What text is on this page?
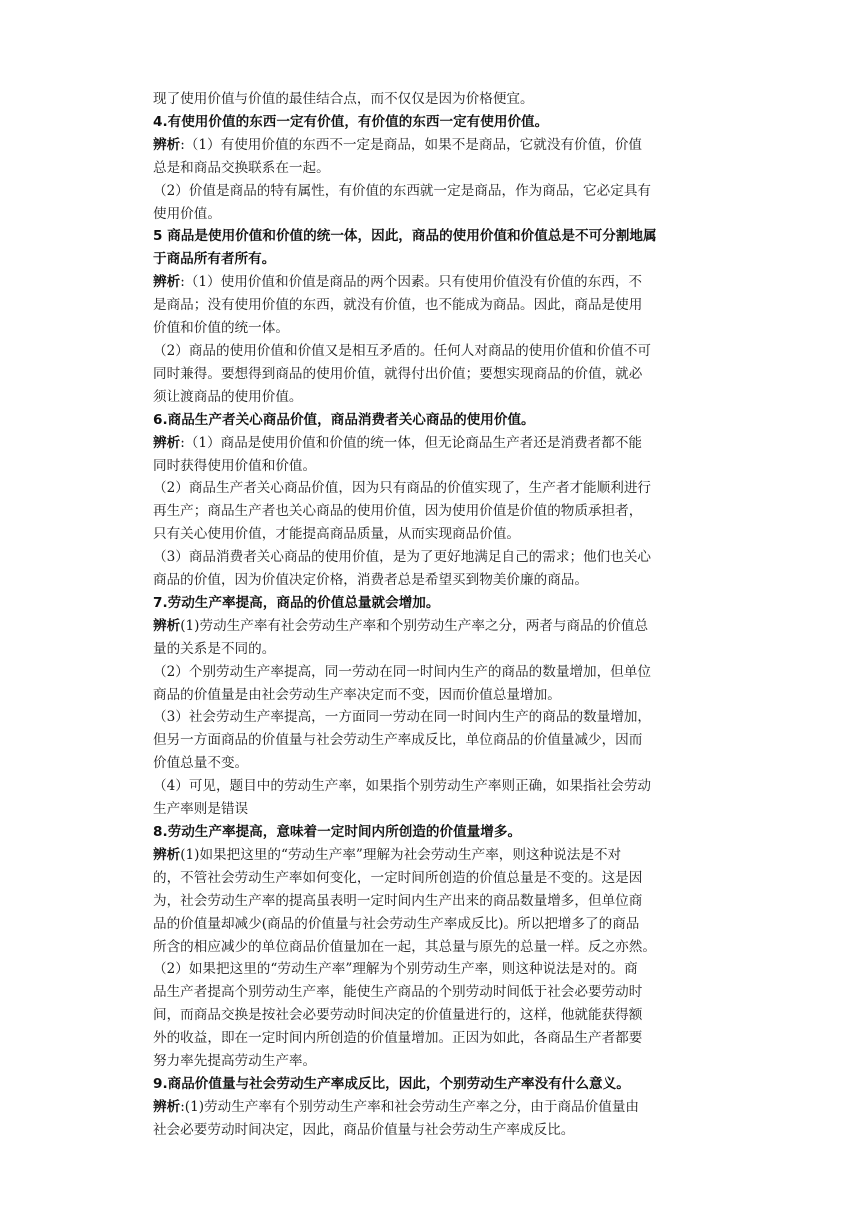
现了使用价值与价值的最佳结合点，而不仅仅是因为价格便宜。
4.有使用价值的东西一定有价值，有价值的东西一定有使用价值。
辨析:（1）有使用价值的东西不一定是商品，如果不是商品，它就没有价值，价值
总是和商品交换联系在一起。
（2）价值是商品的特有属性，有价值的东西就一定是商品，作为商品，它必定具有
使用价值。
5 商品是使用价值和价值的统一体，因此，商品的使用价值和价值总是不可分割地属
于商品所有者所有。
辨析:（1）使用价值和价值是商品的两个因素。只有使用价值没有价值的东西，不
是商品；没有使用价值的东西，就没有价值，也不能成为商品。因此，商品是使用
价值和价值的统一体。
（2）商品的使用价值和价值又是相互矛盾的。任何人对商品的使用价值和价值不可
同时兼得。要想得到商品的使用价值，就得付出价值；要想实现商品的价值，就必
须让渡商品的使用价值。
6.商品生产者关心商品价值，商品消费者关心商品的使用价值。
辨析:（1）商品是使用价值和价值的统一体，但无论商品生产者还是消费者都不能
同时获得使用价值和价值。
（2）商品生产者关心商品价值，因为只有商品的价值实现了，生产者才能顺利进行
再生产；商品生产者也关心商品的使用价值，因为使用价值是价值的物质承担者，
只有关心使用价值，才能提高商品质量，从而实现商品价值。
（3）商品消费者关心商品的使用价值，是为了更好地满足自己的需求；他们也关心
商品的价值，因为价值决定价格，消费者总是希望买到物美价廉的商品。
7.劳动生产率提高，商品的价值总量就会增加。
辨析(1)劳动生产率有社会劳动生产率和个别劳动生产率之分，两者与商品的价值总
量的关系是不同的。
（2）个别劳动生产率提高，同一劳动在同一时间内生产的商品的数量增加，但单位
商品的价值量是由社会劳动生产率决定而不变，因而价值总量增加。
（3）社会劳动生产率提高，一方面同一劳动在同一时间内生产的商品的数量增加，
但另一方面商品的价值量与社会劳动生产率成反比，单位商品的价值量减少，因而
价值总量不变。
（4）可见，题目中的劳动生产率，如果指个别劳动生产率则正确，如果指社会劳动
生产率则是错误
8.劳动生产率提高，意味着一定时间内所创造的价值量增多。
辨析(1)如果把这里的“劳动生产率”理解为社会劳动生产率，则这种说法是不对
的，不管社会劳动生产率如何变化，一定时间所创造的价值总量是不变的。这是因
为，社会劳动生产率的提高虽表明一定时间内生产出来的商品数量增多，但单位商
品的价值量却减少(商品的价值量与社会劳动生产率成反比)。所以把增多了的商品
所含的相应减少的单位商品价值量加在一起，其总量与原先的总量一样。反之亦然。
（2）如果把这里的“劳动生产率”理解为个别劳动生产率，则这种说法是对的。商
品生产者提高个别劳动生产率，能使生产商品的个别劳动时间低于社会必要劳动时
间，而商品交换是按社会必要劳动时间决定的价值量进行的，这样，他就能获得额
外的收益，即在一定时间内所创造的价值量增加。正因为如此，各商品生产者都要
努力率先提高劳动生产率。
9.商品价值量与社会劳动生产率成反比，因此，个别劳动生产率没有什么意义。
辨析:(1)劳动生产率有个别劳动生产率和社会劳动生产率之分，由于商品价值量由
社会必要劳动时间决定，因此，商品价值量与社会劳动生产率成反比。
